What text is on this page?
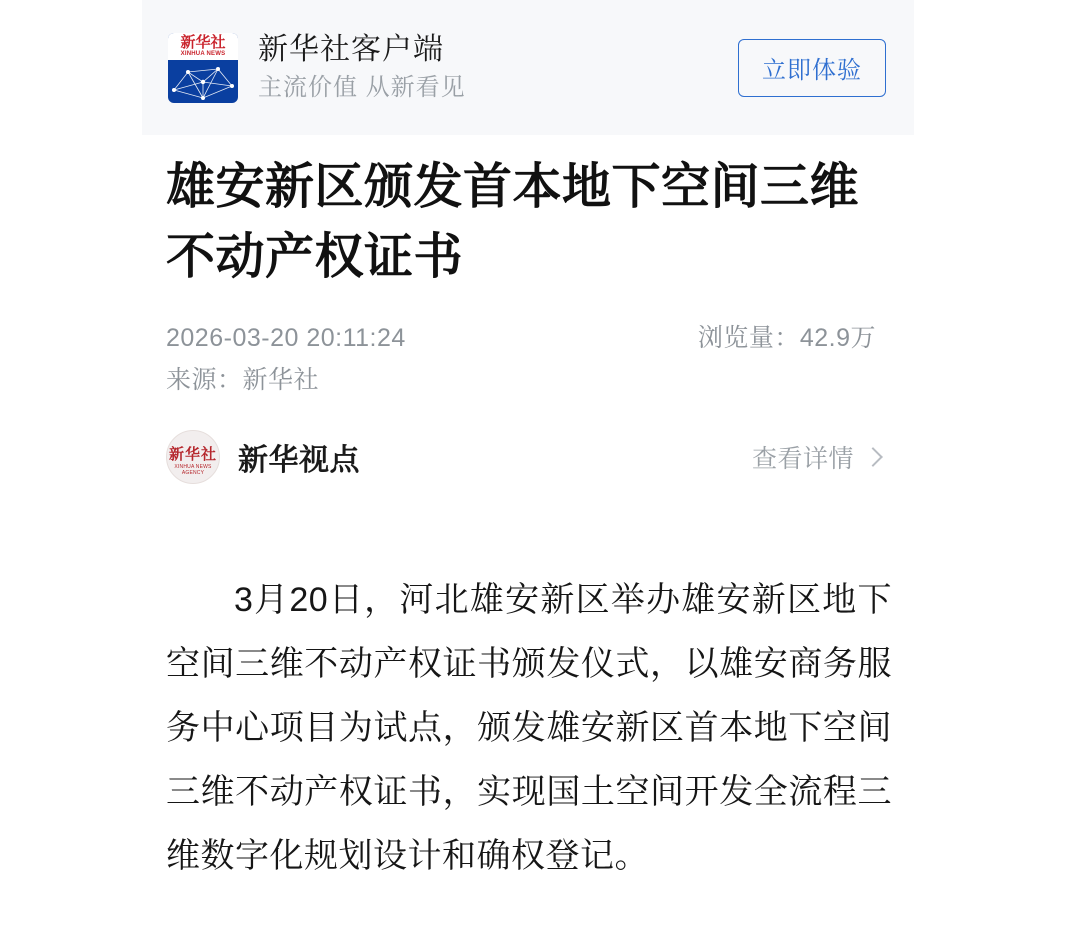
新华社
XINHUA NEWS 新华社客户端
主流价值 从新看见
立即体验
雄安新区颁发首本地下空间三维不动产权证书
2026-03-20 20:11:24	浏览量：42.9万
来源：新华社
新华社
XINHUA NEWS AGENCY	新华视点	查看详情

3月20日，河北雄安新区举办雄安新区地下空间三维不动产权证书颁发仪式，以雄安商务服务中心项目为试点，颁发雄安新区首本地下空间三维不动产权证书，实现国土空间开发全流程三维数字化规划设计和确权登记。
